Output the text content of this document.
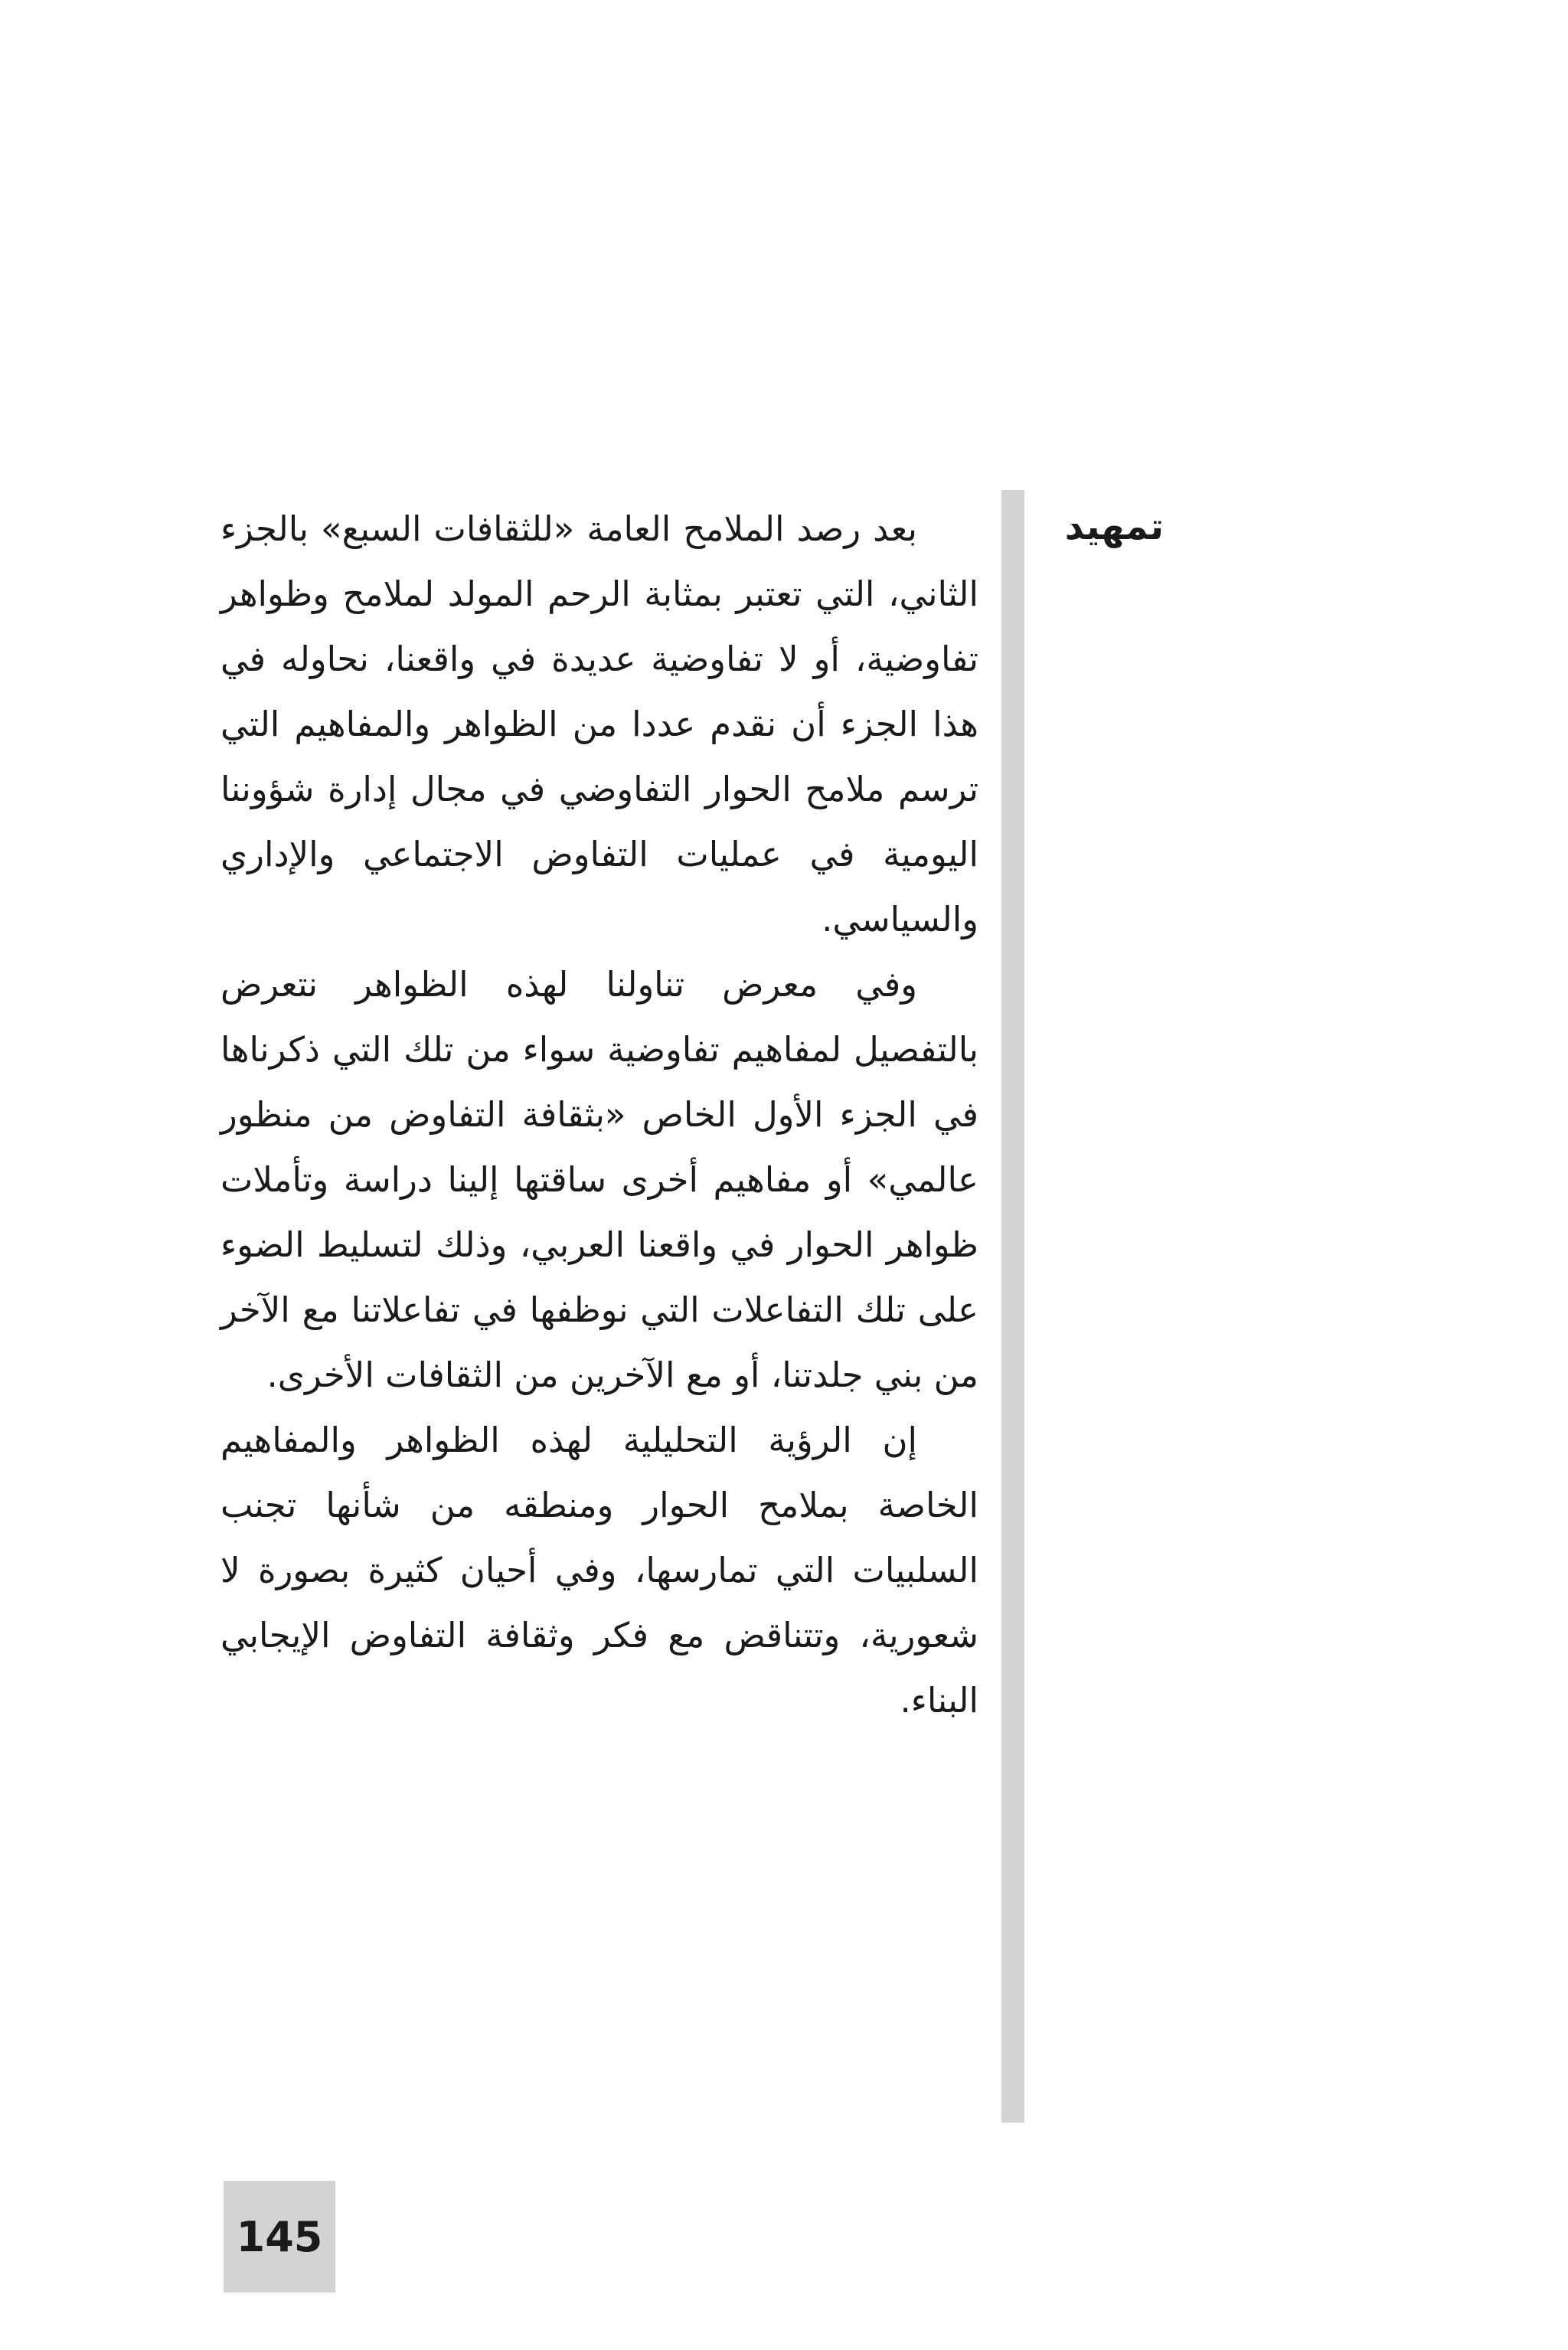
تمهيد

بعد رصد الملامح العامة «للثقافات السبع» بالجزء الثاني، التي تعتبر بمثابة الرحم المولد لملامح وظواهر تفاوضية، أو لا تفاوضية عديدة في واقعنا، نحاوله في هذا الجزء أن نقدم عددا من الظواهر والمفاهيم التي ترسم ملامح الحوار التفاوضي في مجال إدارة شؤوننا اليومية في عمليات التفاوض الاجتماعي والإداري والسياسي.

وفي معرض تناولنا لهذه الظواهر نتعرض بالتفصيل لمفاهيم تفاوضية سواء من تلك التي ذكرناها في الجزء الأول الخاص «بثقافة التفاوض من منظور عالمي» أو مفاهيم أخرى ساقتها إلينا دراسة وتأملات ظواهر الحوار في واقعنا العربي، وذلك لتسليط الضوء على تلك التفاعلات التي نوظفها في تفاعلاتنا مع الآخر من بني جلدتنا، أو مع الآخرين من الثقافات الأخرى.

إن الرؤية التحليلية لهذه الظواهر والمفاهيم الخاصة بملامح الحوار ومنطقه من شأنها تجنب السلبيات التي تمارسها، وفي أحيان كثيرة بصورة لا شعورية، وتتناقض مع فكر وثقافة التفاوض الإيجابي البناء.

145
